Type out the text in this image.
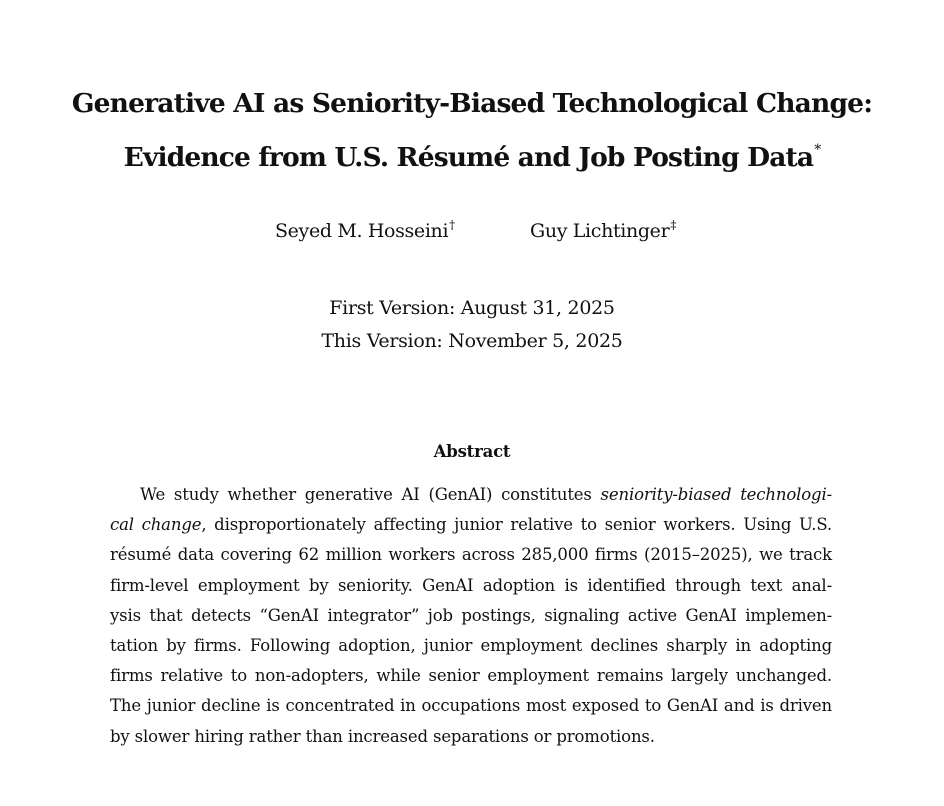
Generative AI as Seniority-Biased Technological Change:
Evidence from U.S. Résumé and Job Posting Data*
Seyed M. Hosseini†	Guy Lichtinger‡
First Version: August 31, 2025
This Version: November 5, 2025
Abstract
We study whether generative AI (GenAI) constitutes seniority-biased technologi-
cal change, disproportionately affecting junior relative to senior workers. Using U.S.
résumé data covering 62 million workers across 285,000 firms (2015–2025), we track
firm-level employment by seniority. GenAI adoption is identified through text anal-
ysis that detects “GenAI integrator” job postings, signaling active GenAI implemen-
tation by firms. Following adoption, junior employment declines sharply in adopting
firms relative to non-adopters, while senior employment remains largely unchanged.
The junior decline is concentrated in occupations most exposed to GenAI and is driven
by slower hiring rather than increased separations or promotions.
